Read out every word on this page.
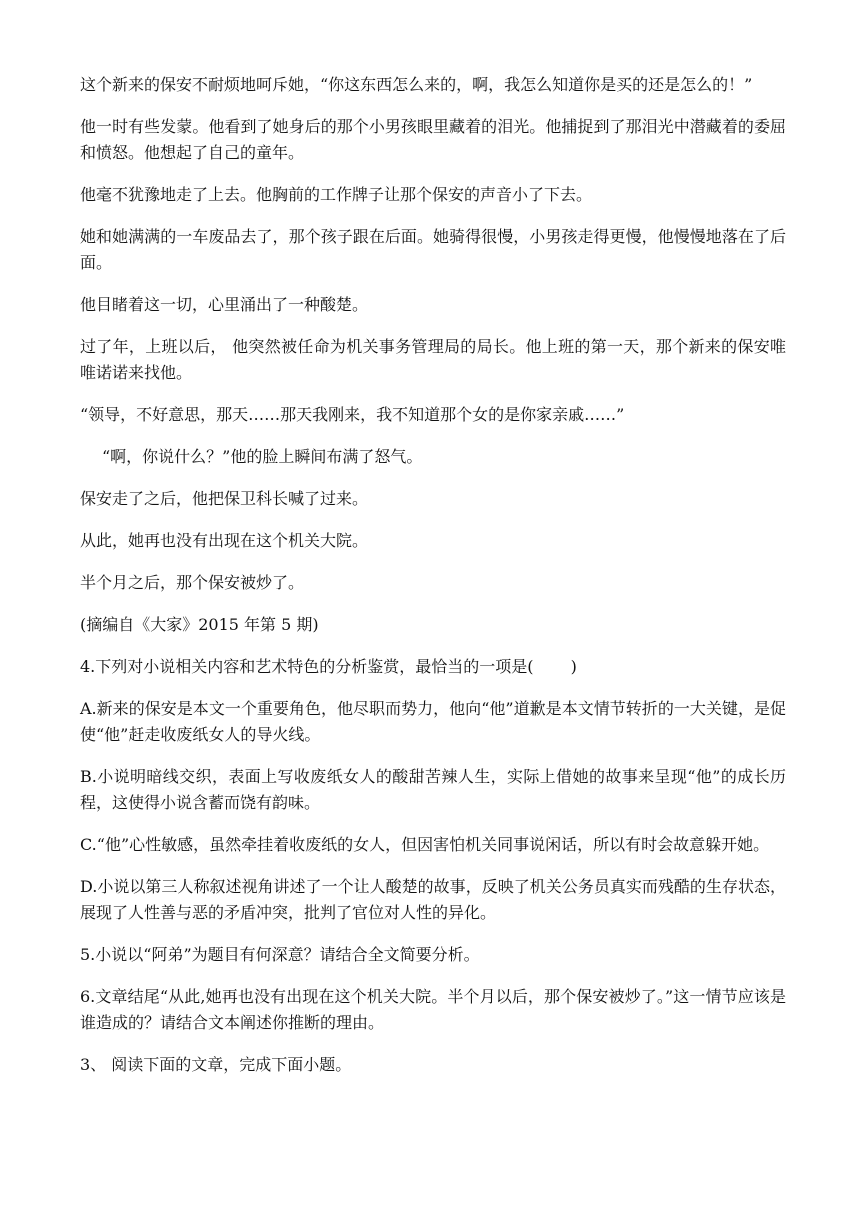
这个新来的保安不耐烦地呵斥她，“你这东西怎么来的，啊，我怎么知道你是买的还是怎么的！”

他一时有些发蒙。他看到了她身后的那个小男孩眼里藏着的泪光。他捕捉到了那泪光中潜藏着的委屈和愤怒。他想起了自己的童年。

他毫不犹豫地走了上去。他胸前的工作牌子让那个保安的声音小了下去。

她和她满满的一车废品去了，那个孩子跟在后面。她骑得很慢，小男孩走得更慢，他慢慢地落在了后面。

他目睹着这一切，心里涌出了一种酸楚。

过了年，上班以后， 他突然被任命为机关事务管理局的局长。他上班的第一天，那个新来的保安唯唯诺诺来找他。

“领导，不好意思，那天……那天我刚来，我不知道那个女的是你家亲戚……”

“啊，你说什么？”他的脸上瞬间布满了怒气。

保安走了之后，他把保卫科长喊了过来。

从此，她再也没有出现在这个机关大院。

半个月之后，那个保安被炒了。

(摘编自《大家》2015 年第 5 期)

4.下列对小说相关内容和艺术特色的分析鉴赏，最恰当的一项是(　　 )

A.新来的保安是本文一个重要角色，他尽职而势力，他向“他”道歉是本文情节转折的一大关键，是促使“他”赶走收废纸女人的导火线。

B.小说明暗线交织，表面上写收废纸女人的酸甜苦辣人生，实际上借她的故事来呈现“他”的成长历程，这使得小说含蓄而饶有韵味。

C.“他”心性敏感，虽然牵挂着收废纸的女人，但因害怕机关同事说闲话，所以有时会故意躲开她。

D.小说以第三人称叙述视角讲述了一个让人酸楚的故事，反映了机关公务员真实而残酷的生存状态，展现了人性善与恶的矛盾冲突，批判了官位对人性的异化。

5.小说以“阿弟”为题目有何深意？请结合全文简要分析。

6.文章结尾“从此,她再也没有出现在这个机关大院。半个月以后，那个保安被炒了。”这一情节应该是谁造成的？请结合文本阐述你推断的理由。

3、 阅读下面的文章，完成下面小题。
